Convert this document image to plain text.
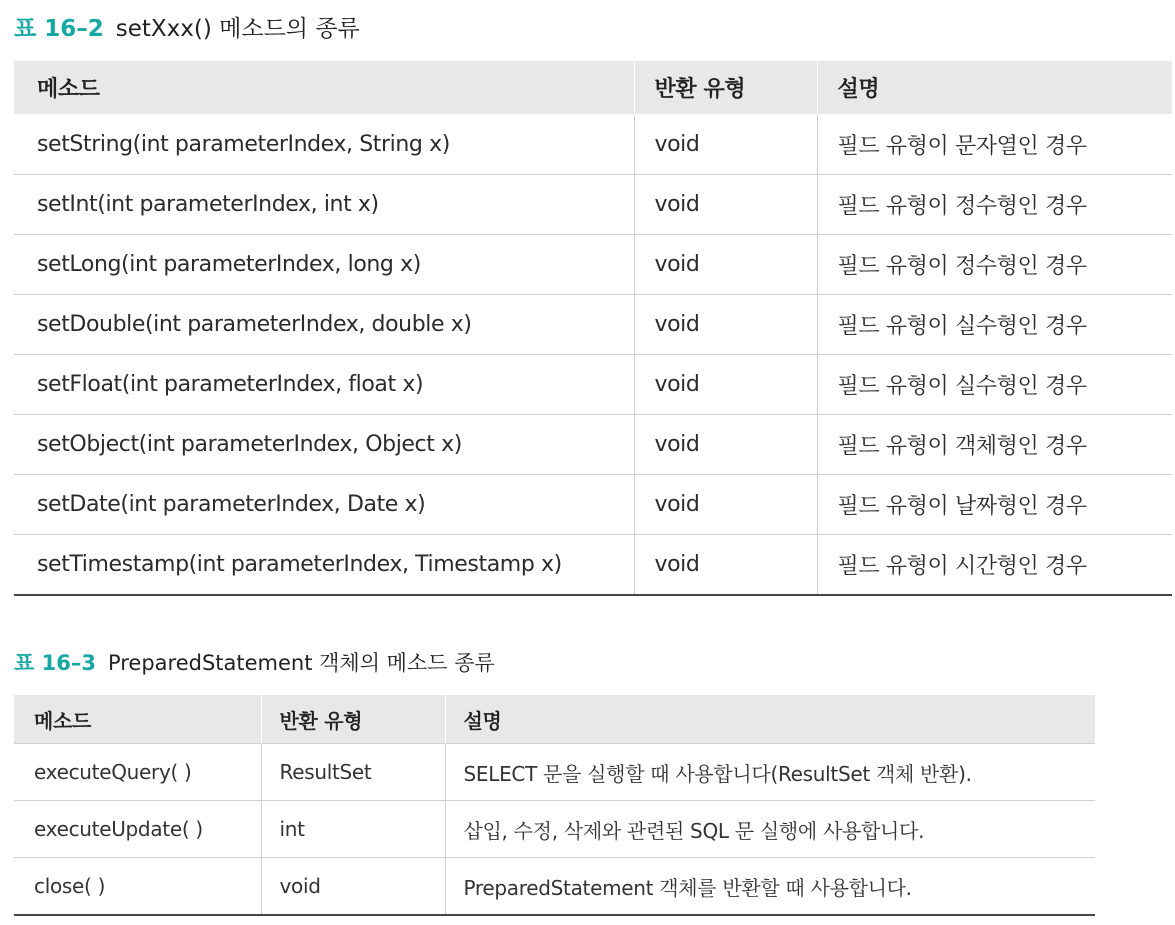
표 16–2 setXxx() 메소드의 종류
메소드	반환 유형	설명
setString(int parameterIndex, String x)	void	필드 유형이 문자열인 경우
setInt(int parameterIndex, int x)	void	필드 유형이 정수형인 경우
setLong(int parameterIndex, long x)	void	필드 유형이 정수형인 경우
setDouble(int parameterIndex, double x)	void	필드 유형이 실수형인 경우
setFloat(int parameterIndex, float x)	void	필드 유형이 실수형인 경우
setObject(int parameterIndex, Object x)	void	필드 유형이 객체형인 경우
setDate(int parameterIndex, Date x)	void	필드 유형이 날짜형인 경우
setTimestamp(int parameterIndex, Timestamp x)	void	필드 유형이 시간형인 경우
표 16–3 PreparedStatement 객체의 메소드 종류
메소드	반환 유형	설명
executeQuery( )	ResultSet	SELECT 문을 실행할 때 사용합니다(ResultSet 객체 반환).
executeUpdate( )	int	삽입, 수정, 삭제와 관련된 SQL 문 실행에 사용합니다.
close( )	void	PreparedStatement 객체를 반환할 때 사용합니다.
